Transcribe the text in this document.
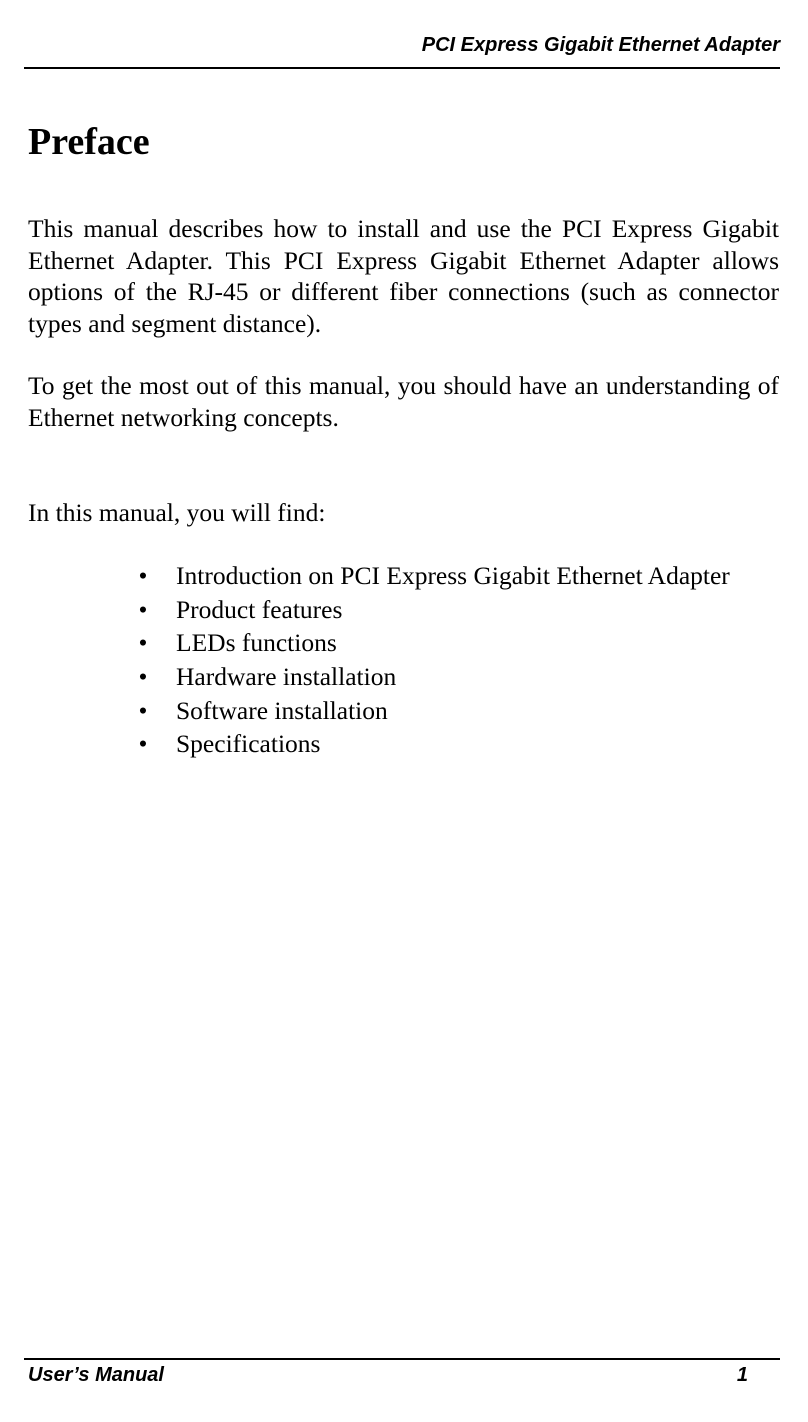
PCI Express Gigabit Ethernet Adapter
Preface

This manual describes how to install and use the PCI Express Gigabit Ethernet Adapter. This PCI Express Gigabit Ethernet Adapter allows options of the RJ-45 or different fiber connections (such as connector types and segment distance).

To get the most out of this manual, you should have an understanding of Ethernet networking concepts.

In this manual, you will find:

• Introduction on PCI Express Gigabit Ethernet Adapter
• Product features
• LEDs functions
• Hardware installation
• Software installation
• Specifications
User’s Manual	1
